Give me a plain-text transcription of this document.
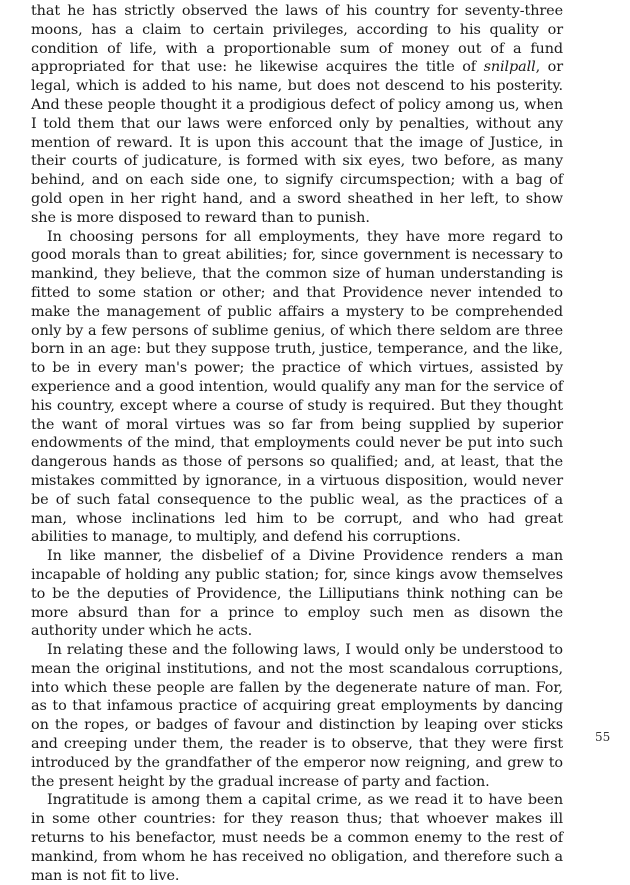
that he has strictly observed the laws of his country for seventy-three moons, has a claim to certain privileges, according to his quality or condition of life, with a proportionable sum of money out of a fund appropriated for that use: he likewise acquires the title of snilpall, or legal, which is added to his name, but does not descend to his posterity. And these people thought it a prodigious defect of policy among us, when I told them that our laws were enforced only by penalties, without any mention of reward. It is upon this account that the image of Justice, in their courts of judicature, is formed with six eyes, two before, as many behind, and on each side one, to signify circumspection; with a bag of gold open in her right hand, and a sword sheathed in her left, to show she is more disposed to reward than to punish.

In choosing persons for all employments, they have more regard to good morals than to great abilities; for, since government is necessary to mankind, they believe, that the common size of human understanding is fitted to some station or other; and that Providence never intended to make the management of public affairs a mystery to be comprehended only by a few persons of sublime genius, of which there seldom are three born in an age: but they suppose truth, justice, temperance, and the like, to be in every man's power; the practice of which virtues, assisted by experience and a good intention, would qualify any man for the service of his country, except where a course of study is required. But they thought the want of moral virtues was so far from being supplied by superior endowments of the mind, that employments could never be put into such dangerous hands as those of persons so qualified; and, at least, that the mistakes committed by ignorance, in a virtuous disposition, would never be of such fatal consequence to the public weal, as the practices of a man, whose inclinations led him to be corrupt, and who had great abilities to manage, to multiply, and defend his corruptions.

In like manner, the disbelief of a Divine Providence renders a man incapable of holding any public station; for, since kings avow themselves to be the deputies of Providence, the Lilliputians think nothing can be more absurd than for a prince to employ such men as disown the authority under which he acts.

In relating these and the following laws, I would only be understood to mean the original institutions, and not the most scandalous corruptions, into which these people are fallen by the degenerate nature of man. For, as to that infamous practice of acquiring great employments by dancing on the ropes, or badges of favour and distinction by leaping over sticks and creeping under them, the reader is to observe, that they were first introduced by the grandfather of the emperor now reigning, and grew to the present height by the gradual increase of party and faction.

Ingratitude is among them a capital crime, as we read it to have been in some other countries: for they reason thus; that whoever makes ill returns to his benefactor, must needs be a common enemy to the rest of mankind, from whom he has received no obligation, and therefore such a man is not fit to live.

55
